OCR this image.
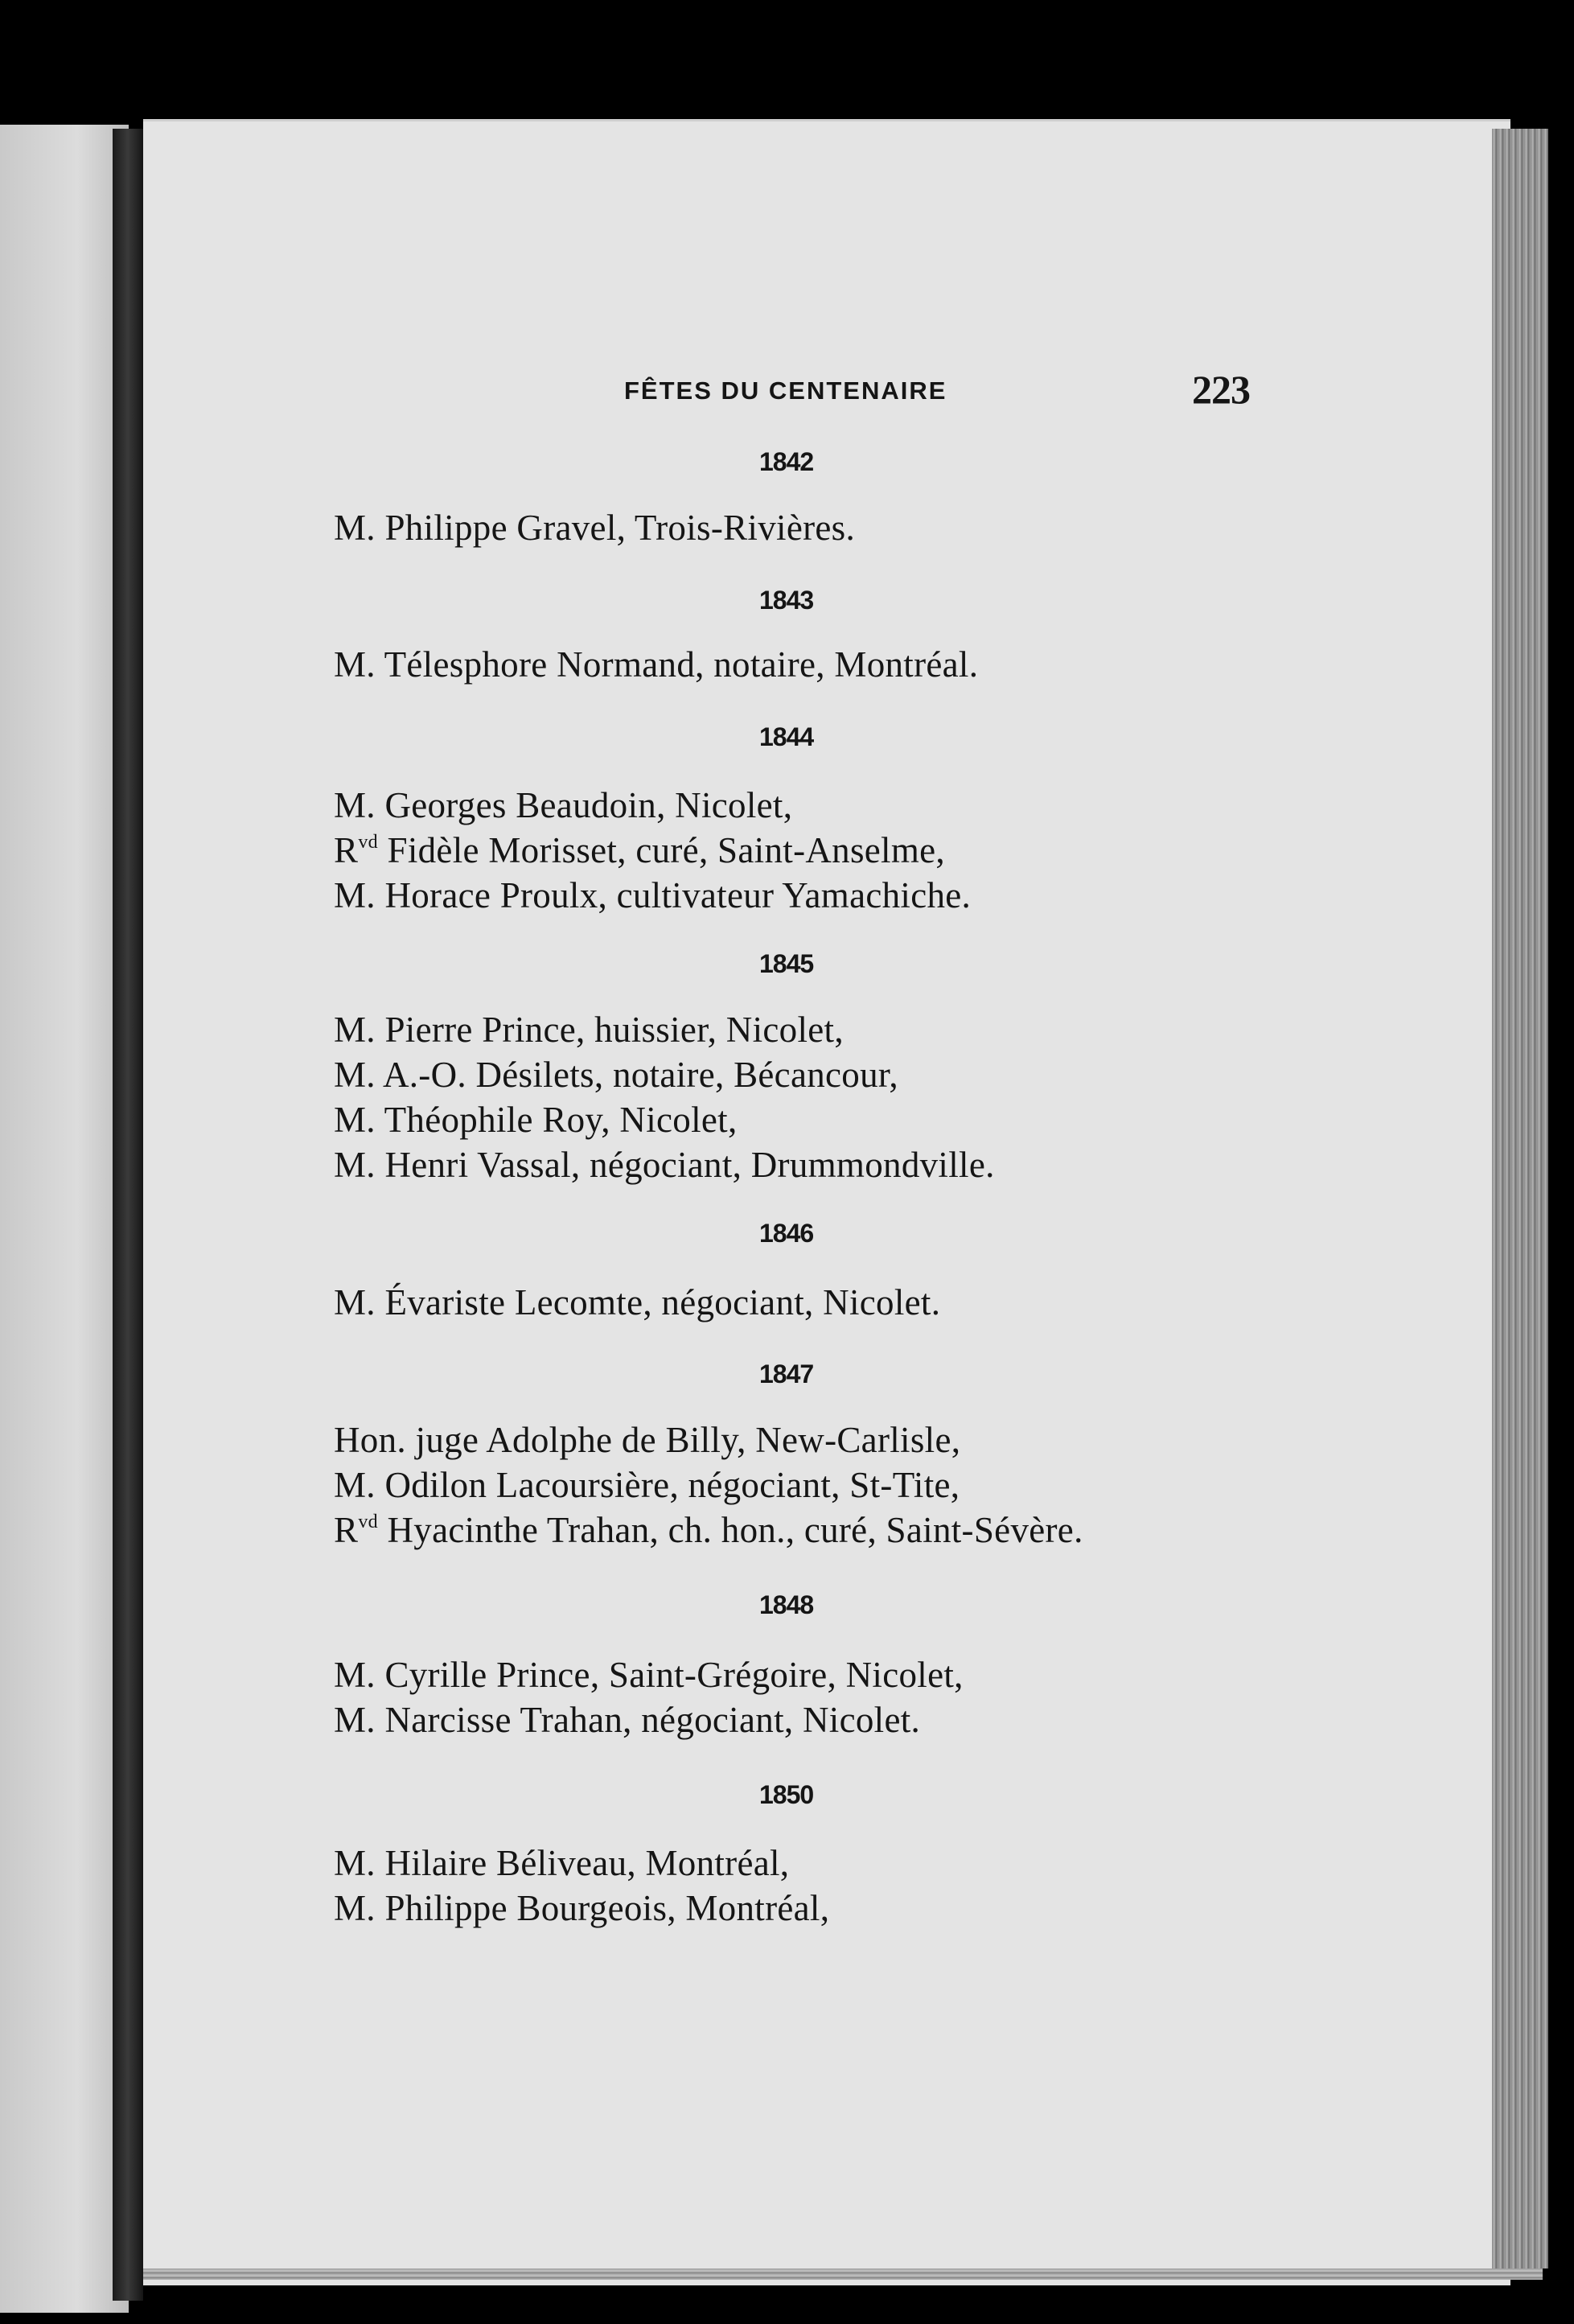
FÊTES DU CENTENAIRE	223
1842
M. Philippe Gravel, Trois-Rivières.
1843
M. Télesphore Normand, notaire, Montréal.
1844
M. Georges Beaudoin, Nicolet,
$R^{vd}$ Fidèle Morisset, curé, Saint-Anselme,
M. Horace Proulx, cultivateur Yamachiche.
1845
M. Pierre Prince, huissier, Nicolet,
M. A.-O. Désilets, notaire, Bécancour,
M. Théophile Roy, Nicolet,
M. Henri Vassal, négociant, Drummondville.
1846
M. Évariste Lecomte, négociant, Nicolet.
1847
Hon. juge Adolphe de Billy, New-Carlisle,
M. Odilon Lacoursière, négociant, St-Tite,
$R^{vd}$ Hyacinthe Trahan, ch. hon., curé, Saint-Sévère.
1848
M. Cyrille Prince, Saint-Grégoire, Nicolet,
M. Narcisse Trahan, négociant, Nicolet.
1850
M. Hilaire Béliveau, Montréal,
M. Philippe Bourgeois, Montréal,
